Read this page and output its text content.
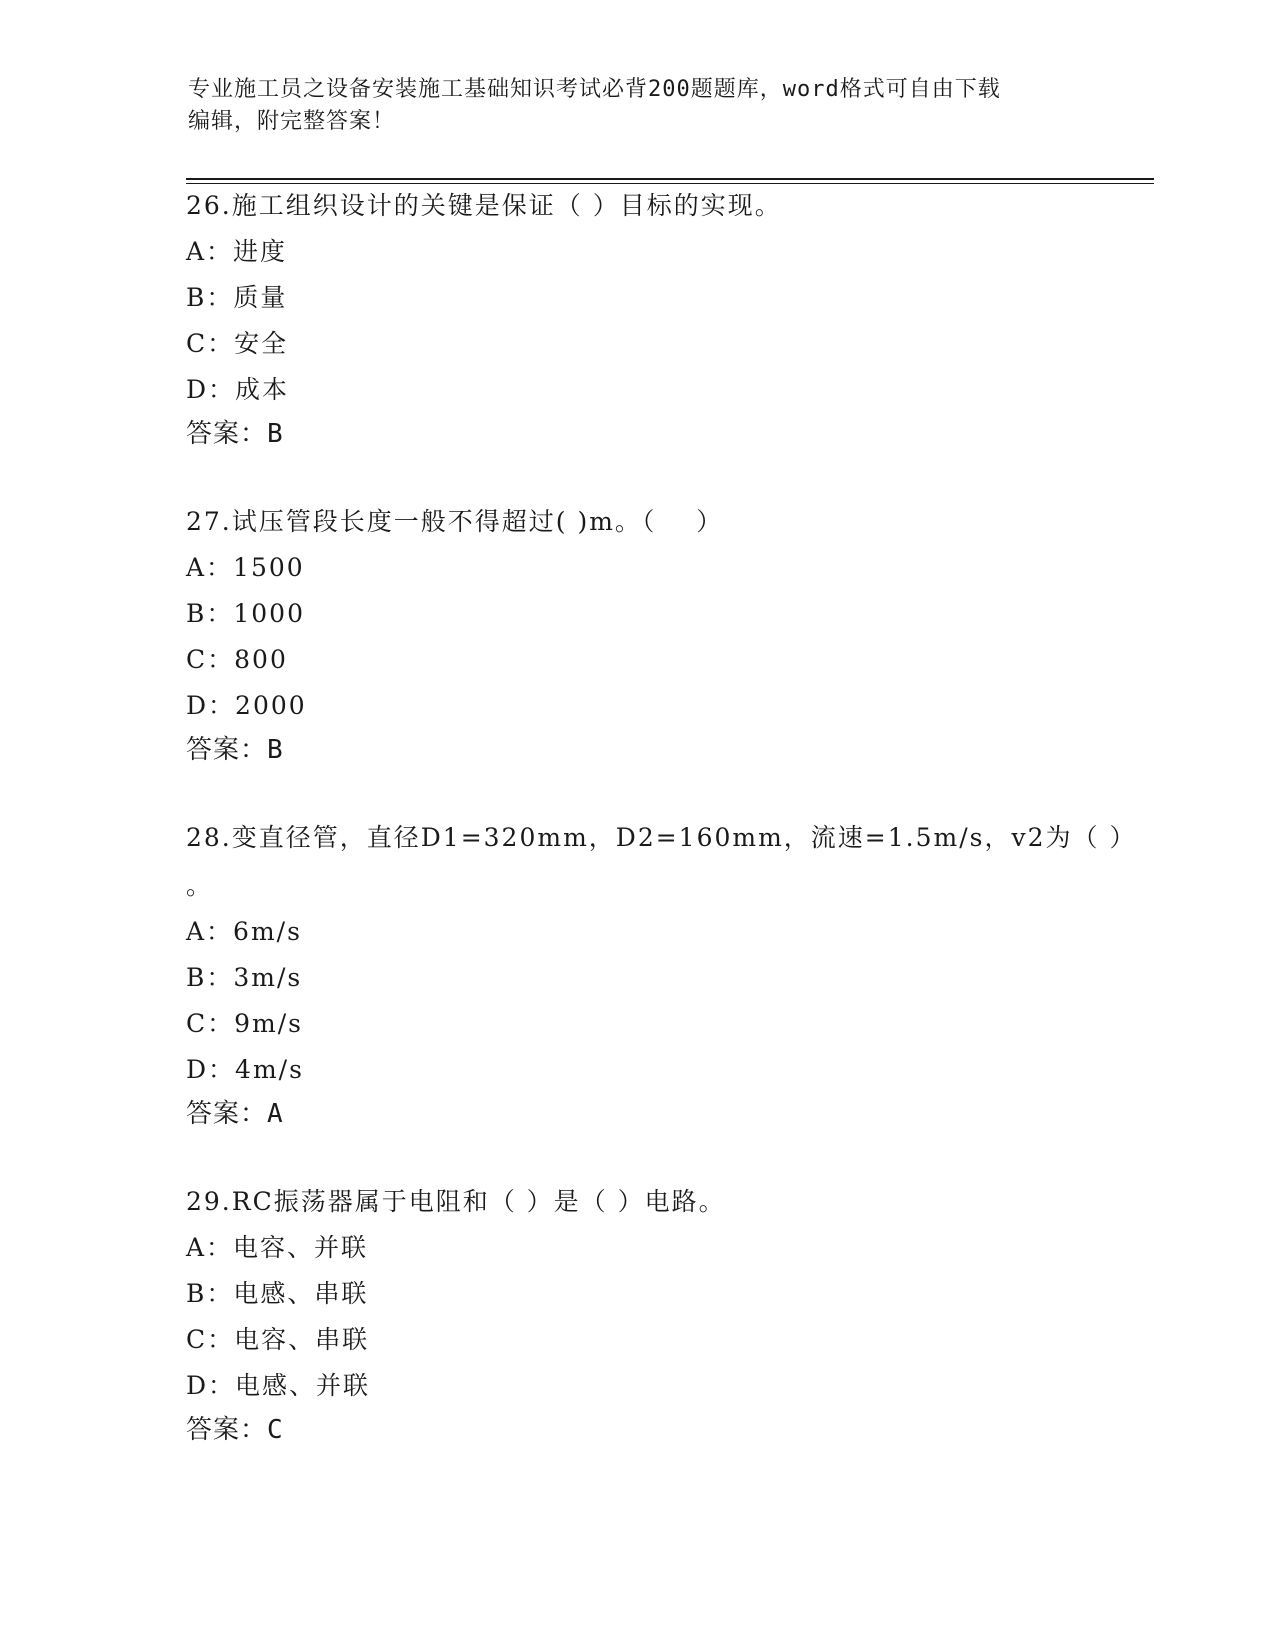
专业施工员之设备安装施工基础知识考试必背200题题库，word格式可自由下载
编辑，附完整答案！
26.施工组织设计的关键是保证（ ）目标的实现。
A：进度
B：质量
C：安全
D：成本
答案：B
27.试压管段长度一般不得超过( )m。（    ）
A：1500
B：1000
C：800
D：2000
答案：B
28.变直径管，直径D1=320mm，D2=160mm，流速=1.5m/s，v2为（ ）
。
A：6m/s
B：3m/s
C：9m/s
D：4m/s
答案：A
29.RC振荡器属于电阻和（ ）是（ ）电路。
A：电容、并联
B：电感、串联
C：电容、串联
D：电感、并联
答案：C
